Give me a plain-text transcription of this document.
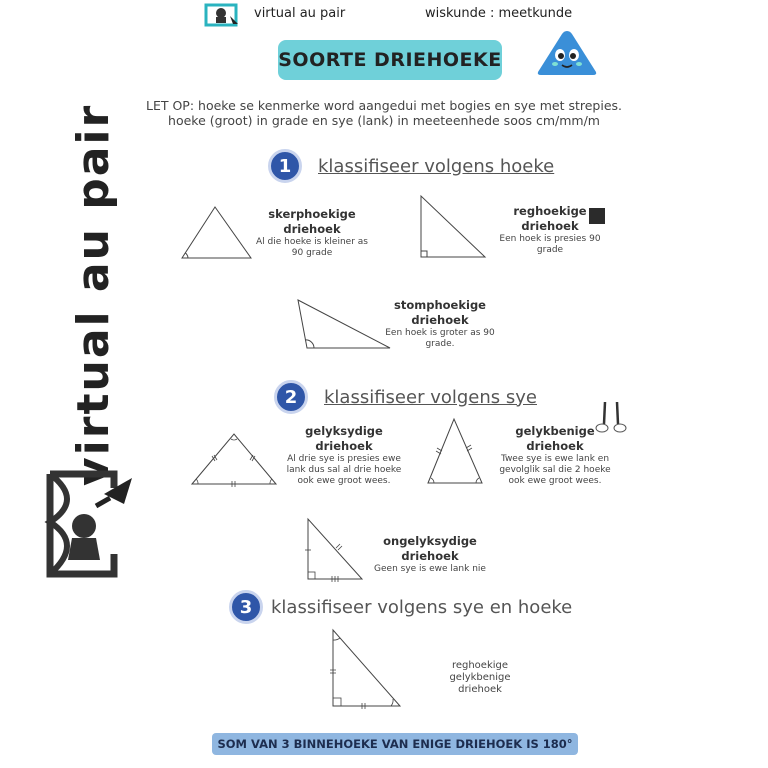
virtual au pair	wiskunde : meetkunde
SOORTE DRIEHOEKE
LET OP: hoeke se kenmerke word aangedui met bogies en sye met strepies.
hoeke (groot) in grade en sye (lank) in meeteenhede soos cm/mm/m
virtual au pair	1	klassifiseer volgens hoeke
skerphoekige
driehoek
Al die hoeke is kleiner as
90 grade
reghoekige
driehoek
Een hoek is presies 90
grade
stomphoekige
driehoek
Een hoek is groter as 90
grade.
2	klassifiseer volgens sye
gelyksydige
driehoek
Al drie sye is presies ewe
lank dus sal al drie hoeke
ook ewe groot wees.
gelykbenige
driehoek
Twee sye is ewe lank en
gevolglik sal die 2 hoeke
ook ewe groot wees.
ongelyksydige
driehoek
Geen sye is ewe lank nie
3	klassifiseer volgens sye en hoeke
reghoekige
gelykbenige
driehoek
SOM VAN 3 BINNEHOEKE VAN ENIGE DRIEHOEK IS 180°
